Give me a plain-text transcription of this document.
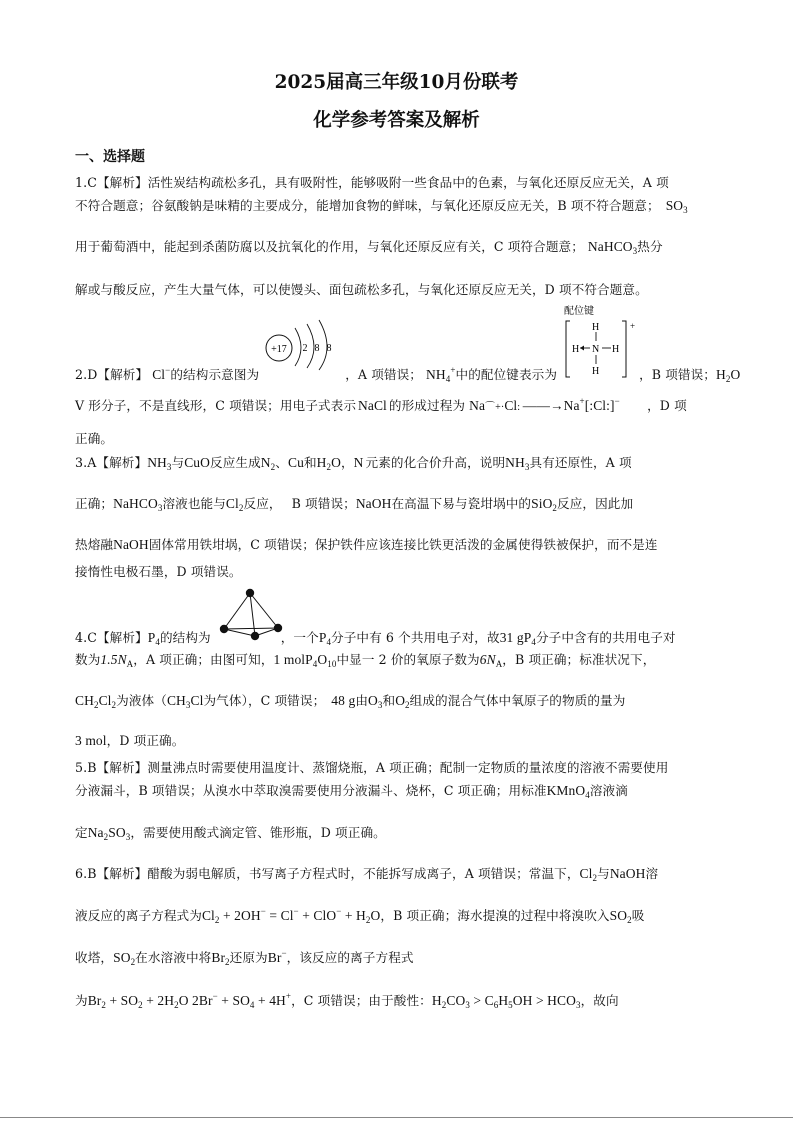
2025届高三年级10月份联考
化学参考答案及解析
一、选择题
1.C【解析】活性炭结构疏松多孔，具有吸附性，能够吸附一些食品中的色素，与氧化还原反应无关，A 项
不符合题意；谷氨酸钠是味精的主要成分，能增加食物的鲜味，与氧化还原反应无关，B 项不符合题意； $SO_3$
用于葡萄酒中，能起到杀菌防腐以及抗氧化的作用，与氧化还原反应有关，C 项符合题意； NaHCO$_3$热分
解或与酸反应，产生大量气体，可以使馒头、面包疏松多孔，与氧化还原反应无关，D 项不符合题意。
+17 2 8 8
配位键
+
H
H N H
H
2.D【解析】 Cl−的结构示意图为	，A 项错误； $NH_4^+$中的配位键表示为	，B 项错误；$H_2O$
V 形分子，不是直线形，C 项错误；用电子式表示 NaCl 的形成过程为 Na⌒+·Cl: ——→Na+[:Cl:]− ，D 项
正确。
3.A【解析】$NH_3$与CuO反应生成$N_2$、Cu和$H_2O$，N 元素的化合价升高，说明$NH_3$具有还原性，A 项
正确；NaHCO$_3$溶液也能与$Cl_2$反应， B 项错误；NaOH在高温下易与瓷坩埚中的SiO$_2$反应，因此加
热熔融NaOH固体常用铁坩埚，C 项错误；保护铁件应该连接比铁更活泼的金属使得铁被保护，而不是连
接惰性电极石墨，D 项错误。
4.C【解析】$P_4$的结构为	，一个$P_4$分子中有 6 个共用电子对，故31 $gP_4$分子中含有的共用电子对
数为$1.5N_A$，A 项正确；由图可知，1 $molP_4O_{10}$中显一 2 价的氧原子数为$6N_A$，B 项正确；标准状况下，
$CH_2Cl_2$为液体（$CH_3Cl$为气体），C 项错误； 48 g由$O_3$和$O_2$组成的混合气体中氧原子的物质的量为
3 mol，D 项正确。
5.B【解析】测量沸点时需要使用温度计、蒸馏烧瓶，A 项正确；配制一定物质的量浓度的溶液不需要使用
分液漏斗，B 项错误；从溴水中萃取溴需要使用分液漏斗、烧杯，C 项正确；用标准KMnO$_4$溶液滴
定$Na_2SO_3$，需要使用酸式滴定管、锥形瓶，D 项正确。
6.B【解析】醋酸为弱电解质，书写离子方程式时，不能拆写成离子，A 项错误；常温下，$Cl_2$与NaOH溶
液反应的离子方程式为$Cl_2 + 2OH^- = Cl^- + ClO^- + H_2O$，B 项正确；海水提溴的过程中将溴吹入$SO_2$吸
收塔，$SO_2$在水溶液中将$Br_2$还原为Br−，该反应的离子方程式
为$Br_2 + SO_2 + 2H_2O$ $2Br^- + SO_4 + 4H^+$，C 项错误；由于酸性：$H_2CO_3 > C_6H_5OH > HCO_3$，故向
